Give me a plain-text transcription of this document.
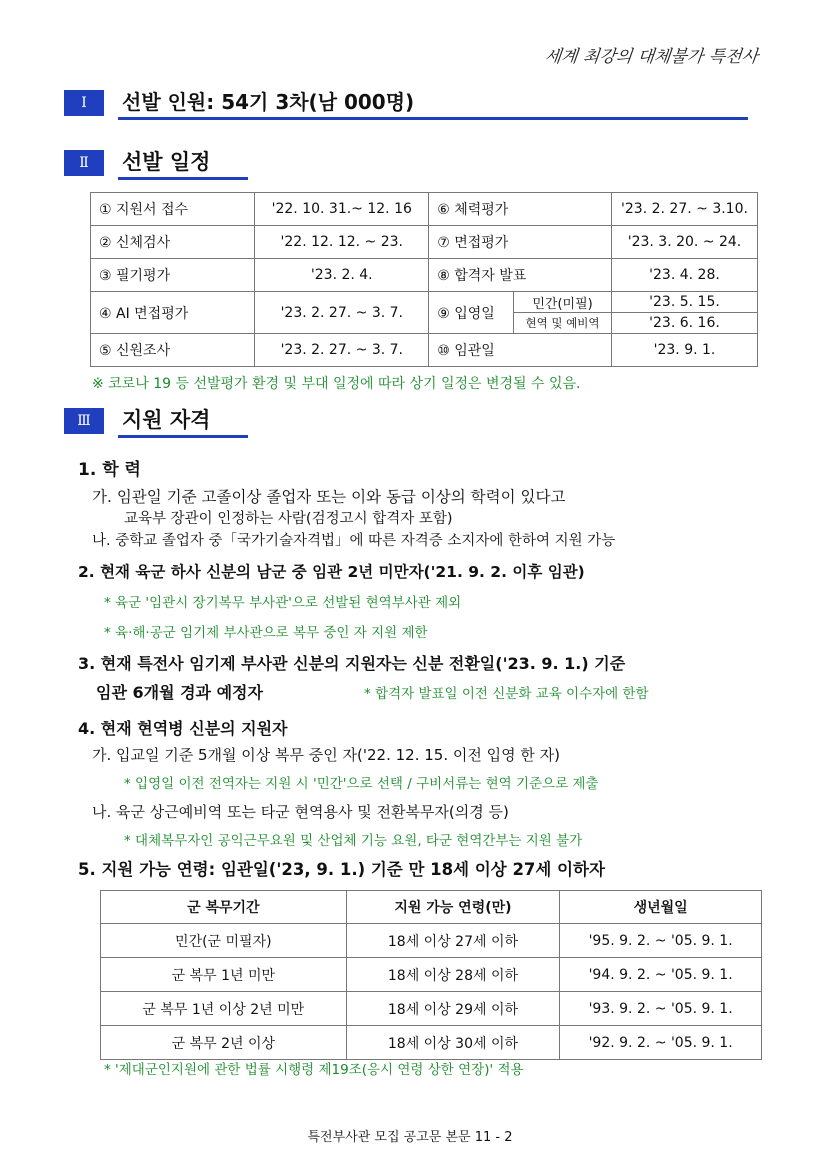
세계 최강의 대체불가 특전사
Ⅰ	선발 인원: 54기 3차(남 000명)
Ⅱ	선발 일정
① 지원서 접수	'22. 10. 31.~ 12. 16	⑥ 체력평가		'23. 2. 27. ~ 3.10.
② 신체검사	'22. 12. 12. ~ 23.	⑦ 면접평가		'23. 3. 20. ~ 24.
③ 필기평가	'23. 2. 4.	⑧ 합격자 발표		'23. 4. 28.
④ AI 면접평가	'23. 2. 27. ~ 3. 7.	⑨ 입영일	민간(미필)	'23. 5. 15.
			현역 및 예비역	'23. 6. 16.
⑤ 신원조사	'23. 2. 27. ~ 3. 7.	⑩ 임관일		'23. 9. 1.
※ 코로나 19 등 선발평가 환경 및 부대 일정에 따라 상기 일정은 변경될 수 있음.
Ⅲ	지원 자격
1. 학 력
가. 임관일 기준 고졸이상 졸업자 또는 이와 동급 이상의 학력이 있다고
교육부 장관이 인정하는 사람(검정고시 합격자 포함)
나. 중학교 졸업자 중「국가기술자격법」에 따른 자격증 소지자에 한하여 지원 가능
2. 현재 육군 하사 신분의 남군 중 임관 2년 미만자('21. 9. 2. 이후 임관)
* 육군 '임관시 장기복무 부사관'으로 선발된 현역부사관 제외
* 육·해·공군 임기제 부사관으로 복무 중인 자 지원 제한
3. 현재 특전사 임기제 부사관 신분의 지원자는 신분 전환일('23. 9. 1.) 기준
임관 6개월 경과 예정자	* 합격자 발표일 이전 신분화 교육 이수자에 한함
4. 현재 현역병 신분의 지원자
가. 입교일 기준 5개월 이상 복무 중인 자('22. 12. 15. 이전 입영 한 자)
* 입영일 이전 전역자는 지원 시 '민간'으로 선택 / 구비서류는 현역 기준으로 제출
나. 육군 상근예비역 또는 타군 현역용사 및 전환복무자(의경 등)
* 대체복무자인 공익근무요원 및 산업체 기능 요원, 타군 현역간부는 지원 불가
5. 지원 가능 연령: 임관일('23, 9. 1.) 기준 만 18세 이상 27세 이하자
군 복무기간	지원 가능 연령(만)	생년월일
민간(군 미필자)	18세 이상 27세 이하	'95. 9. 2. ~ '05. 9. 1.
군 복무 1년 미만	18세 이상 28세 이하	'94. 9. 2. ~ '05. 9. 1.
군 복무 1년 이상 2년 미만	18세 이상 29세 이하	'93. 9. 2. ~ '05. 9. 1.
군 복무 2년 이상	18세 이상 30세 이하	'92. 9. 2. ~ '05. 9. 1.
* '제대군인지원에 관한 법률 시행령 제19조(응시 연령 상한 연장)' 적용
특전부사관 모집 공고문 본문 11 - 2
